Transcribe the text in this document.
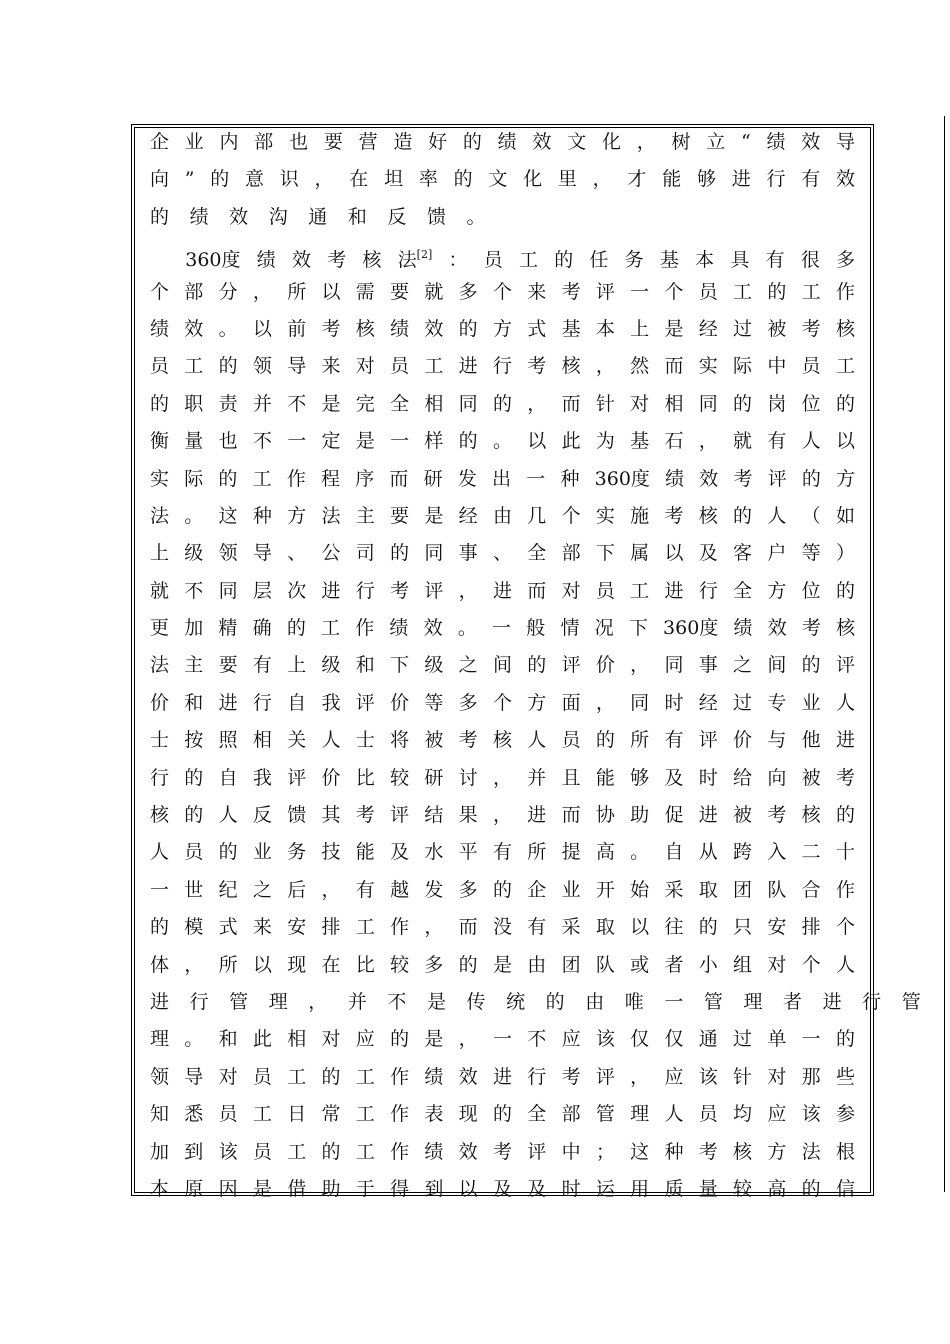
企 业 内 部 也 要 营 造 好 的 绩 效 文 化 ， 树 立 “ 绩 效 导
向 ” 的 意 识 ， 在 坦 率 的 文 化 里 ， 才 能 够 进 行 有 效
的 绩 效 沟 通 和 反 馈 。
　 360度 绩 效 考 核 法[2] ： 员 工 的 任 务 基 本 具 有 很 多
个 部 分 ， 所 以 需 要 就 多 个 来 考 评 一 个 员 工 的 工 作
绩 效 。 以 前 考 核 绩 效 的 方 式 基 本 上 是 经 过 被 考 核
员 工 的 领 导 来 对 员 工 进 行 考 核 ， 然 而 实 际 中 员 工
的 职 责 并 不 是 完 全 相 同 的 ， 而 针 对 相 同 的 岗 位 的
衡 量 也 不 一 定 是 一 样 的 。 以 此 为 基 石 ， 就 有 人 以
实 际 的 工 作 程 序 而 研 发 出 一 种 360度 绩 效 考 评 的 方
法 。 这 种 方 法 主 要 是 经 由 几 个 实 施 考 核 的 人 （ 如
上 级 领 导 、 公 司 的 同 事 、 全 部 下 属 以 及 客 户 等 ）
就 不 同 层 次 进 行 考 评 ， 进 而 对 员 工 进 行 全 方 位 的
更 加 精 确 的 工 作 绩 效 。 一 般 情 况 下 360度 绩 效 考 核
法 主 要 有 上 级 和 下 级 之 间 的 评 价 ， 同 事 之 间 的 评
价 和 进 行 自 我 评 价 等 多 个 方 面 ， 同 时 经 过 专 业 人
士 按 照 相 关 人 士 将 被 考 核 人 员 的 所 有 评 价 与 他 进
行 的 自 我 评 价 比 较 研 讨 ， 并 且 能 够 及 时 给 向 被 考
核 的 人 反 馈 其 考 评 结 果 ， 进 而 协 助 促 进 被 考 核 的
人 员 的 业 务 技 能 及 水 平 有 所 提 高 。 自 从 跨 入 二 十
一 世 纪 之 后 ， 有 越 发 多 的 企 业 开 始 采 取 团 队 合 作
的 模 式 来 安 排 工 作 ， 而 没 有 采 取 以 往 的 只 安 排 个
体 ， 所 以 现 在 比 较 多 的 是 由 团 队 或 者 小 组 对 个 人
进 行 管 理 ， 并 不 是 传 统 的 由 唯 一 管 理 者 进 行 管
理 。 和 此 相 对 应 的 是 ， 一 不 应 该 仅 仅 通 过 单 一 的
领 导 对 员 工 的 工 作 绩 效 进 行 考 评 ， 应 该 针 对 那 些
知 悉 员 工 日 常 工 作 表 现 的 全 部 管 理 人 员 均 应 该 参
加 到 该 员 工 的 工 作 绩 效 考 评 中 ； 这 种 考 核 方 法 根
本 原 因 是 借 助 于 得 到 以 及 及 时 运 用 质 量 较 高 的 信
